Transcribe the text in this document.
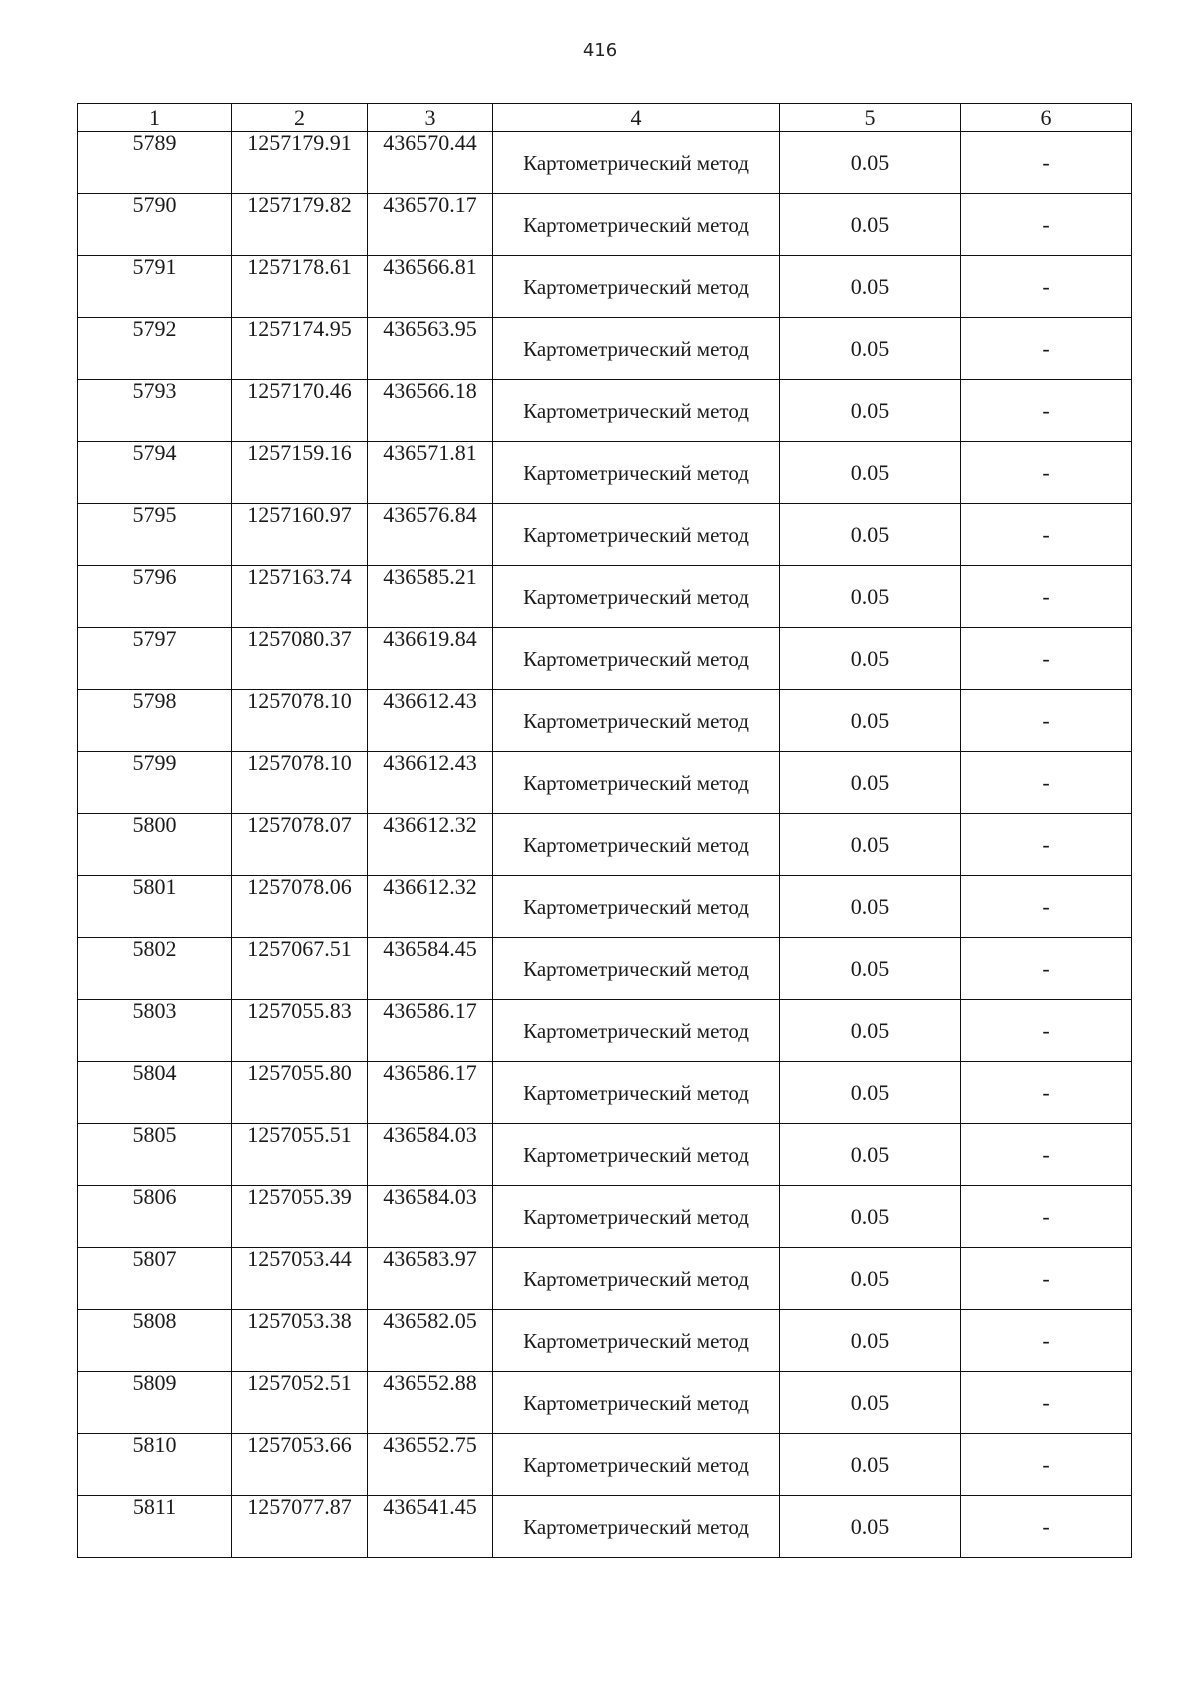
416
1	2	3	4	5	6
5789	1257179.91	436570.44	Картометрический метод	0.05	-
5790	1257179.82	436570.17	Картометрический метод	0.05	-
5791	1257178.61	436566.81	Картометрический метод	0.05	-
5792	1257174.95	436563.95	Картометрический метод	0.05	-
5793	1257170.46	436566.18	Картометрический метод	0.05	-
5794	1257159.16	436571.81	Картометрический метод	0.05	-
5795	1257160.97	436576.84	Картометрический метод	0.05	-
5796	1257163.74	436585.21	Картометрический метод	0.05	-
5797	1257080.37	436619.84	Картометрический метод	0.05	-
5798	1257078.10	436612.43	Картометрический метод	0.05	-
5799	1257078.10	436612.43	Картометрический метод	0.05	-
5800	1257078.07	436612.32	Картометрический метод	0.05	-
5801	1257078.06	436612.32	Картометрический метод	0.05	-
5802	1257067.51	436584.45	Картометрический метод	0.05	-
5803	1257055.83	436586.17	Картометрический метод	0.05	-
5804	1257055.80	436586.17	Картометрический метод	0.05	-
5805	1257055.51	436584.03	Картометрический метод	0.05	-
5806	1257055.39	436584.03	Картометрический метод	0.05	-
5807	1257053.44	436583.97	Картометрический метод	0.05	-
5808	1257053.38	436582.05	Картометрический метод	0.05	-
5809	1257052.51	436552.88	Картометрический метод	0.05	-
5810	1257053.66	436552.75	Картометрический метод	0.05	-
5811	1257077.87	436541.45	Картометрический метод	0.05	-
